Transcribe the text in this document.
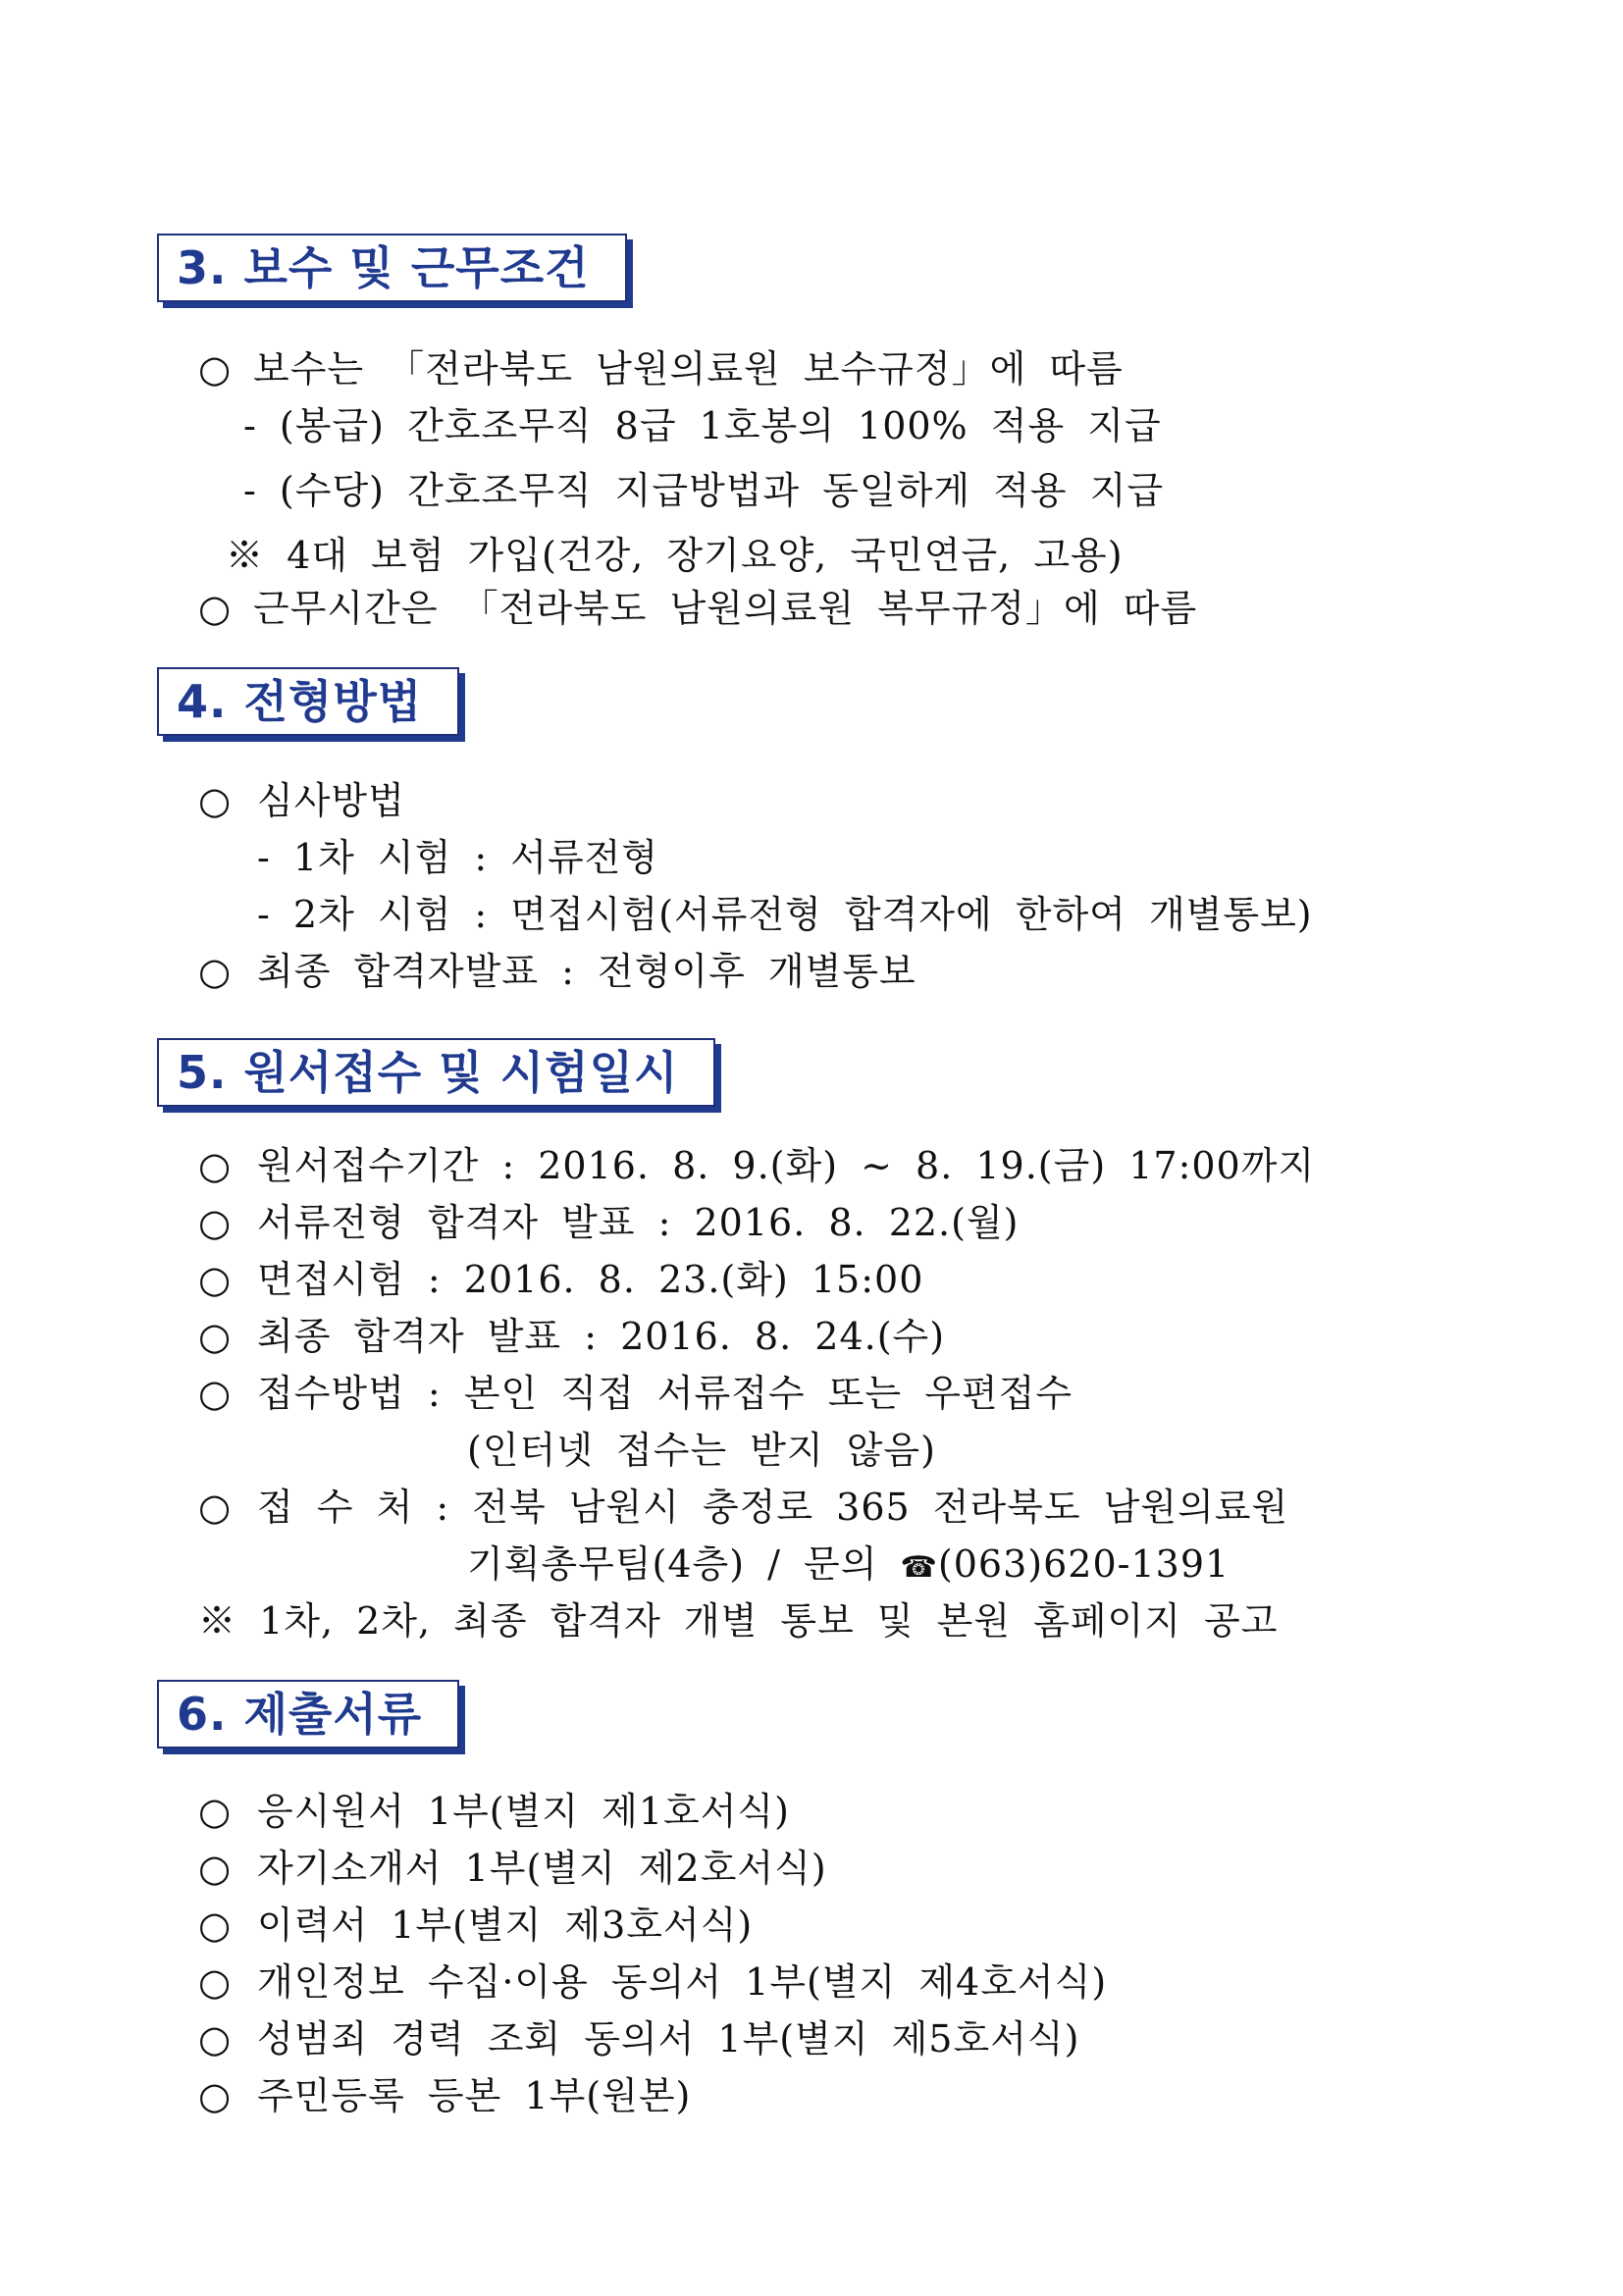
3. 보수 및 근무조건
○ 보수는 「전라북도 남원의료원 보수규정」에 따름
- (봉급) 간호조무직 8급 1호봉의 100% 적용 지급
- (수당) 간호조무직 지급방법과 동일하게 적용 지급
※ 4대 보험 가입(건강, 장기요양, 국민연금, 고용)
○ 근무시간은 「전라북도 남원의료원 복무규정」에 따름
4. 전형방법
○ 심사방법
- 1차 시험 : 서류전형
- 2차 시험 : 면접시험(서류전형 합격자에 한하여 개별통보)
○ 최종 합격자발표 : 전형이후 개별통보
5. 원서접수 및 시험일시
○ 원서접수기간 : 2016. 8. 9.(화) ~ 8. 19.(금) 17:00까지
○ 서류전형 합격자 발표 : 2016. 8. 22.(월)
○ 면접시험 : 2016. 8. 23.(화) 15:00
○ 최종 합격자 발표 : 2016. 8. 24.(수)
○ 접수방법 : 본인 직접 서류접수 또는 우편접수
(인터넷 접수는 받지 않음)
○ 접 수 처 : 전북 남원시 충정로 365 전라북도 남원의료원
기획총무팀(4층) / 문의 ☎(063)620-1391
※ 1차, 2차, 최종 합격자 개별 통보 및 본원 홈페이지 공고
6. 제출서류
○ 응시원서 1부(별지 제1호서식)
○ 자기소개서 1부(별지 제2호서식)
○ 이력서 1부(별지 제3호서식)
○ 개인정보 수집·이용 동의서 1부(별지 제4호서식)
○ 성범죄 경력 조회 동의서 1부(별지 제5호서식)
○ 주민등록 등본 1부(원본)
